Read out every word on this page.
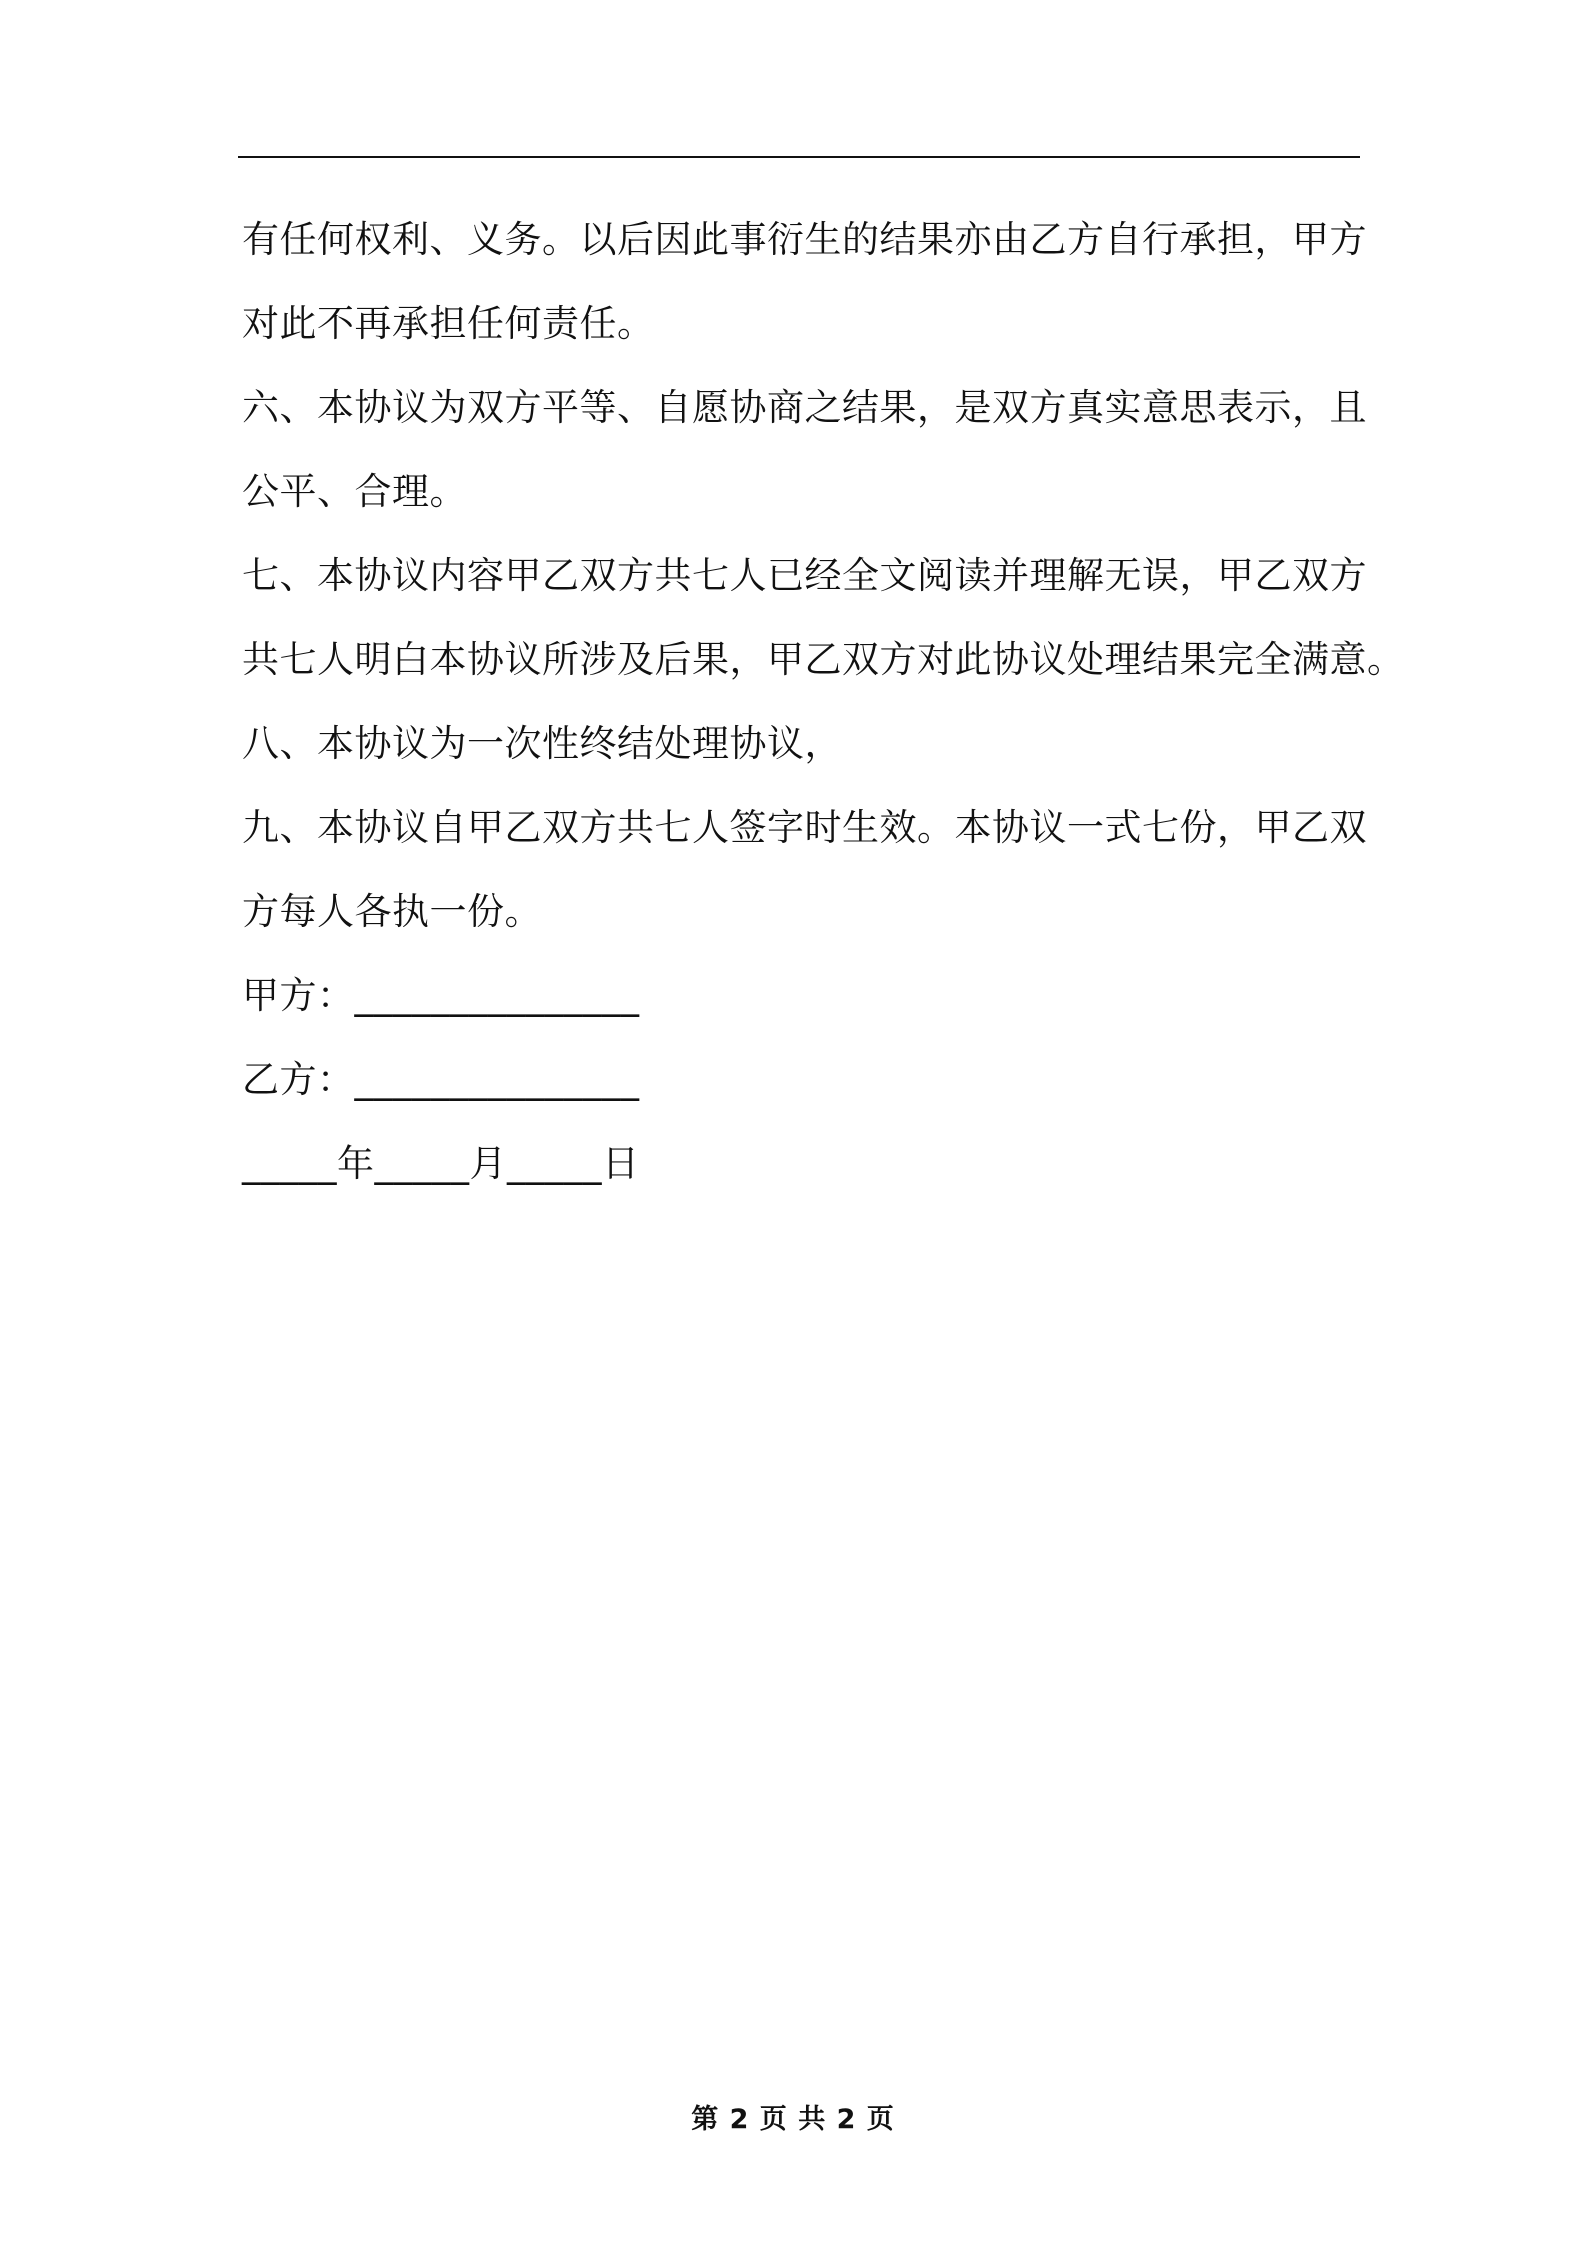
有任何权利、义务。以后因此事衍生的结果亦由乙方自行承担，甲方

对此不再承担任何责任。

六、本协议为双方平等、自愿协商之结果，是双方真实意思表示，且

公平、合理。

七、本协议内容甲乙双方共七人已经全文阅读并理解无误，甲乙双方

共七人明白本协议所涉及后果，甲乙双方对此协议处理结果完全满意。

八、本协议为一次性终结处理协议，

九、本协议自甲乙双方共七人签字时生效。本协议一式七份，甲乙双

方每人各执一份。

甲方：_______________

乙方：_______________

_____年_____月_____日

第 2 页 共 2 页
